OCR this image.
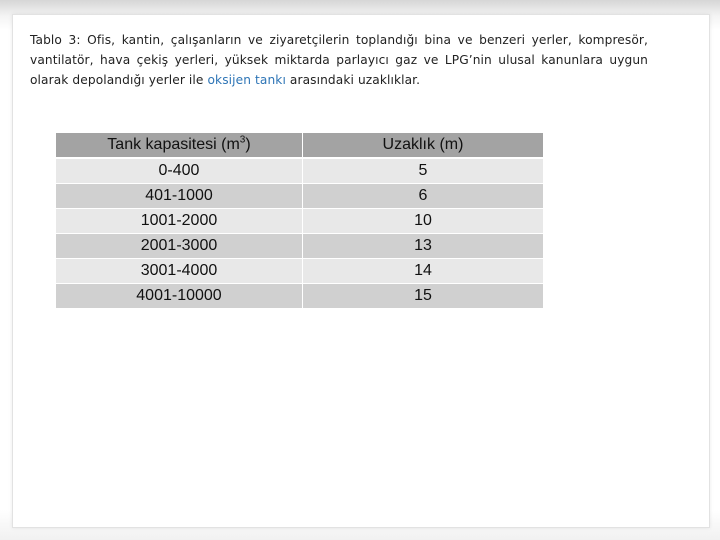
Tablo 3: Ofis, kantin, çalışanların ve ziyaretçilerin toplandığı bina ve benzeri yerler, kompresör, vantilatör, hava çekiş yerleri, yüksek miktarda parlayıcı gaz ve LPG’nin ulusal kanunlara uygun olarak depolandığı yerler ile oksijen tankı arasındaki uzaklıklar.

Tank kapasitesi $(m^3)$	Uzaklık (m)
0-400	5
401-1000	6
1001-2000	10
2001-3000	13
3001-4000	14
4001-10000	15
